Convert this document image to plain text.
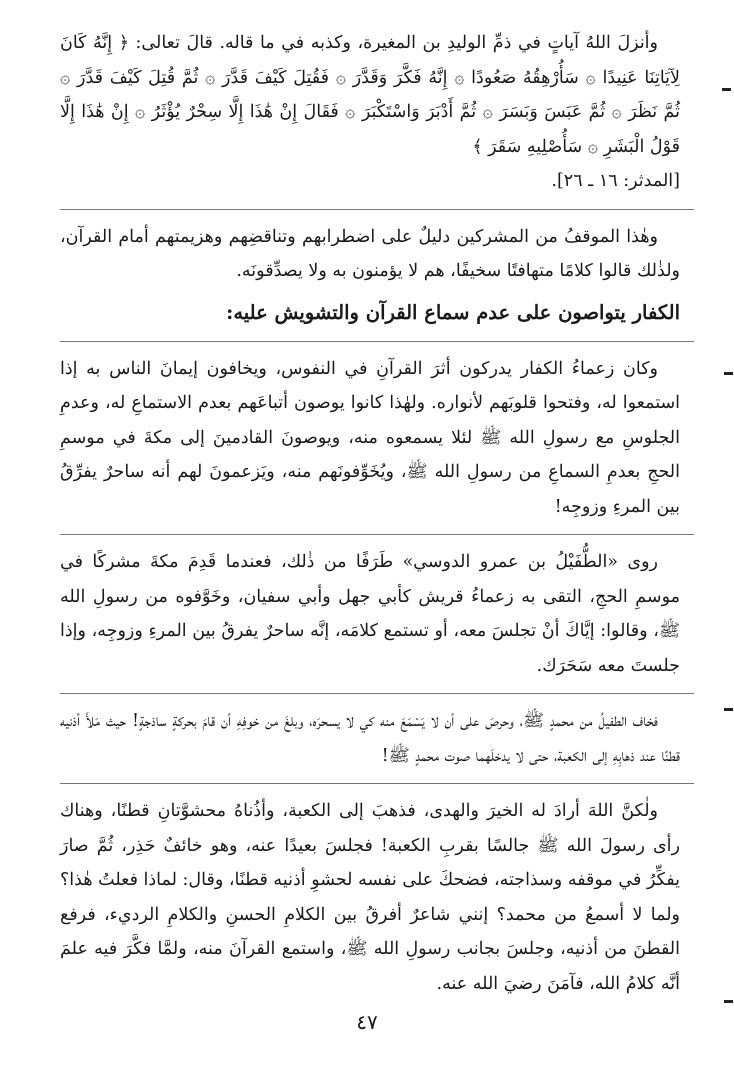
وأنزلَ اللهُ آياتٍ في ذمِّ الوليدِ بن المغيرة، وكذبه في ما قاله. قالَ تعالى: ﴿ إِنَّهُ كَانَ لِآيَاتِنَا عَنِيدًا ۞ سَأُرْهِقُهُ صَعُودًا ۞ إِنَّهُ فَكَّرَ وَقَدَّرَ ۞ فَقُتِلَ كَيْفَ قَدَّرَ ۞ ثُمَّ قُتِلَ كَيْفَ قَدَّرَ ۞ ثُمَّ نَظَرَ ۞ ثُمَّ عَبَسَ وَبَسَرَ ۞ ثُمَّ أَدْبَرَ وَاسْتَكْبَرَ ۞ فَقَالَ إِنْ هَٰذَا إِلَّا سِحْرٌ يُؤْثَرُ ۞ إِنْ هَٰذَا إِلَّا قَوْلُ الْبَشَرِ ۞ سَأُصْلِيهِ سَقَرَ ﴾

[المدثر: ١٦ ـ ٢٦].

وهٰذا الموقفُ من المشركين دليلٌ على اضطرابهم وتناقضِهم وهزيمتهم أمام القرآن، ولذٰلك قالوا كلامًا متهافتًا سخيفًا، هم لا يؤمنون به ولا يصدِّقونَه.

الكفار يتواصون على عدم سماع القرآن والتشويش عليه:

وكان زعماءُ الكفار يدركون أثرَ القرآنِ في النفوس، ويخافون إيمانَ الناس به إذا استمعوا له، وفتحوا قلوبَهم لأنواره. ولهٰذا كانوا يوصون أتباعَهم بعدم الاستماعِ له، وعدمِ الجلوسِ مع رسولِ الله ﷺ لئلا يسمعوه منه، ويوصونَ القادمينَ إلى مكةَ في موسمِ الحجِ بعدمِ السماعِ من رسولِ الله ﷺ، ويُخَوِّفونَهم منه، ويَزعمونَ لهم أنه ساحرٌ يفرِّقُ بين المرءِ وزوجِه!

روى «الطُّفَيْلُ بن عمرو الدوسي» طَرَفًا من ذٰلك، فعندما قَدِمَ مكةَ مشركًا في موسمِ الحجِ، التقى به زعماءُ قريش كأبي جهل وأبي سفيان، وخَوَّفوه من رسولِ الله ﷺ، وقالوا: إيَّاكَ أنْ تجلسَ معه، أو تستمع كلامَه، إنَّه ساحرٌ يفرقُ بين المرءِ وزوجِه، وإذا جلستَ معه سَحَرَك.

فخاف الطفيلُ من محمدٍ ﷺ، وحرصَ على أن لا يَسْمَعَ منه كي لا يسحرَه، وبلغَ من خوفِهِ أن قامَ بحركةٍ ساذجةٍ! حيث مَلأَ أذنيه قطنًا عند ذهابِهِ إلى الكعبة، حتى لا يدخلَهما صوت محمدٍ ﷺ!

ولٰكنَّ اللهَ أرادَ له الخيرَ والهدى، فذهبَ إلى الكعبة، وأذُناهُ محشوَّتانِ قطنًا، وهناك رأى رسولَ الله ﷺ جالسًا بقربِ الكعبة! فجلسَ بعيدًا عنه، وهو خائفٌ حَذِر، ثُمَّ صارَ يفكِّرُ في موقفه وسذاجته، فضحكَ على نفسه لحشوِ أذنيه قطنًا، وقال: لماذا فعلتُ هٰذا؟ ولما لا أسمعُ من محمد؟ إنني شاعرٌ أفرقُ بين الكلامِ الحسنِ والكلامِ الرديء، فرفع القطنَ من أذنيه، وجلسَ بجانب رسولِ الله ﷺ، واستمع القرآنَ منه، ولمَّا فكَّرَ فيه علمَ أنَّه كلامُ الله، فآمَنَ رضيَ الله عنه.

٤٧
